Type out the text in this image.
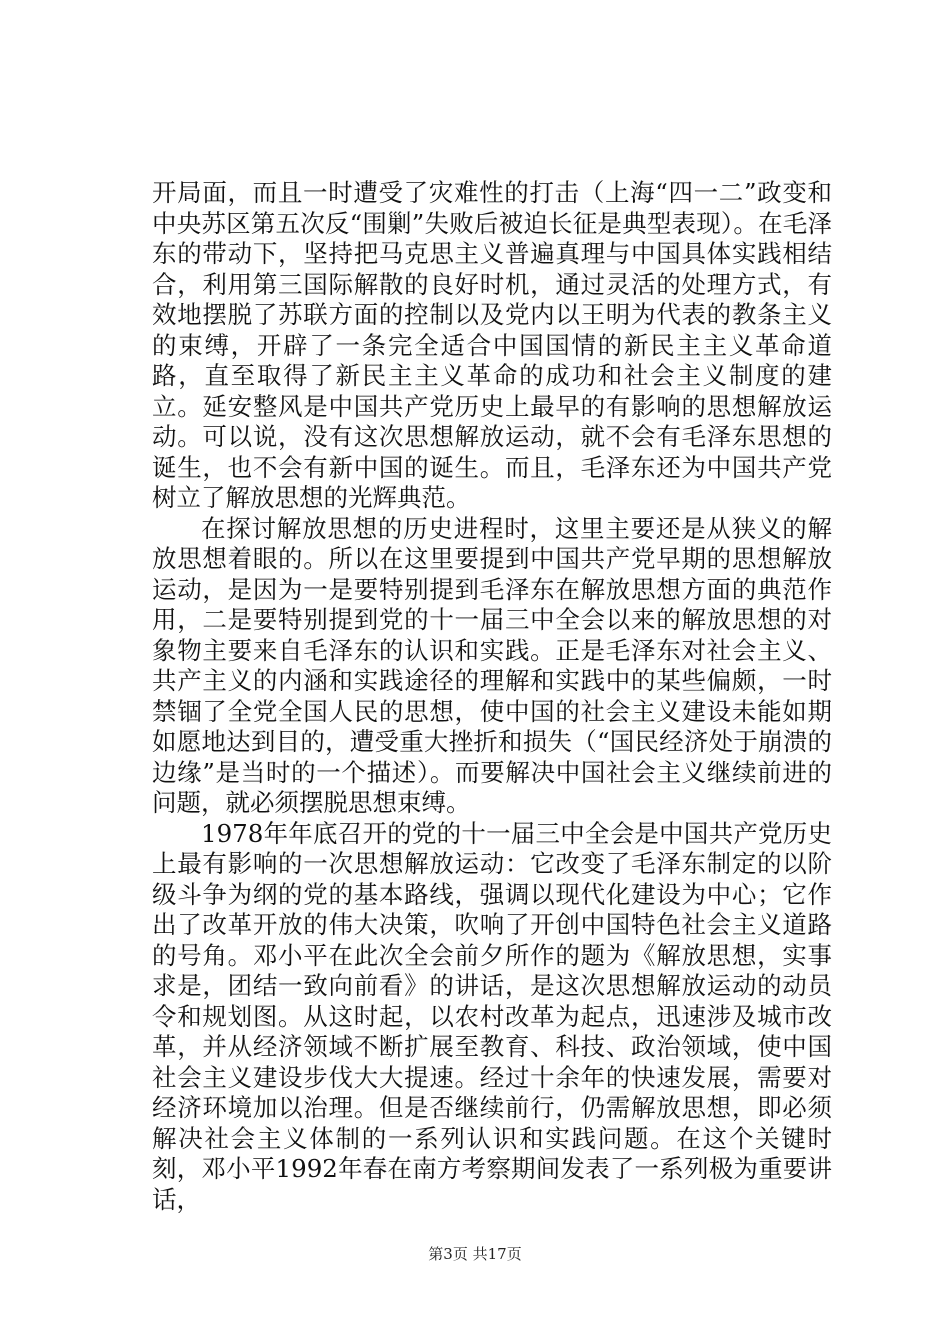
开局面，而且一时遭受了灾难性的打击（上海“四一二”政变和中央苏区第五次反“围剿”失败后被迫长征是典型表现）。在毛泽东的带动下，坚持把马克思主义普遍真理与中国具体实践相结合，利用第三国际解散的良好时机，通过灵活的处理方式，有效地摆脱了苏联方面的控制以及党内以王明为代表的教条主义的束缚，开辟了一条完全适合中国国情的新民主主义革命道路，直至取得了新民主主义革命的成功和社会主义制度的建立。延安整风是中国共产党历史上最早的有影响的思想解放运动。可以说，没有这次思想解放运动，就不会有毛泽东思想的诞生，也不会有新中国的诞生。而且，毛泽东还为中国共产党树立了解放思想的光辉典范。

在探讨解放思想的历史进程时，这里主要还是从狭义的解放思想着眼的。所以在这里要提到中国共产党早期的思想解放运动，是因为一是要特别提到毛泽东在解放思想方面的典范作用，二是要特别提到党的十一届三中全会以来的解放思想的对象物主要来自毛泽东的认识和实践。正是毛泽东对社会主义、共产主义的内涵和实践途径的理解和实践中的某些偏颇，一时禁锢了全党全国人民的思想，使中国的社会主义建设未能如期如愿地达到目的，遭受重大挫折和损失（“国民经济处于崩溃的边缘”是当时的一个描述）。而要解决中国社会主义继续前进的问题，就必须摆脱思想束缚。

1978年年底召开的党的十一届三中全会是中国共产党历史上最有影响的一次思想解放运动：它改变了毛泽东制定的以阶级斗争为纲的党的基本路线，强调以现代化建设为中心；它作出了改革开放的伟大决策，吹响了开创中国特色社会主义道路的号角。邓小平在此次全会前夕所作的题为《解放思想，实事求是，团结一致向前看》的讲话，是这次思想解放运动的动员令和规划图。从这时起，以农村改革为起点，迅速涉及城市改革，并从经济领域不断扩展至教育、科技、政治领域，使中国社会主义建设步伐大大提速。经过十余年的快速发展，需要对经济环境加以治理。但是否继续前行，仍需解放思想，即必须解决社会主义体制的一系列认识和实践问题。在这个关键时刻，邓小平1992年春在南方考察期间发表了一系列极为重要讲话，

第3页 共17页
